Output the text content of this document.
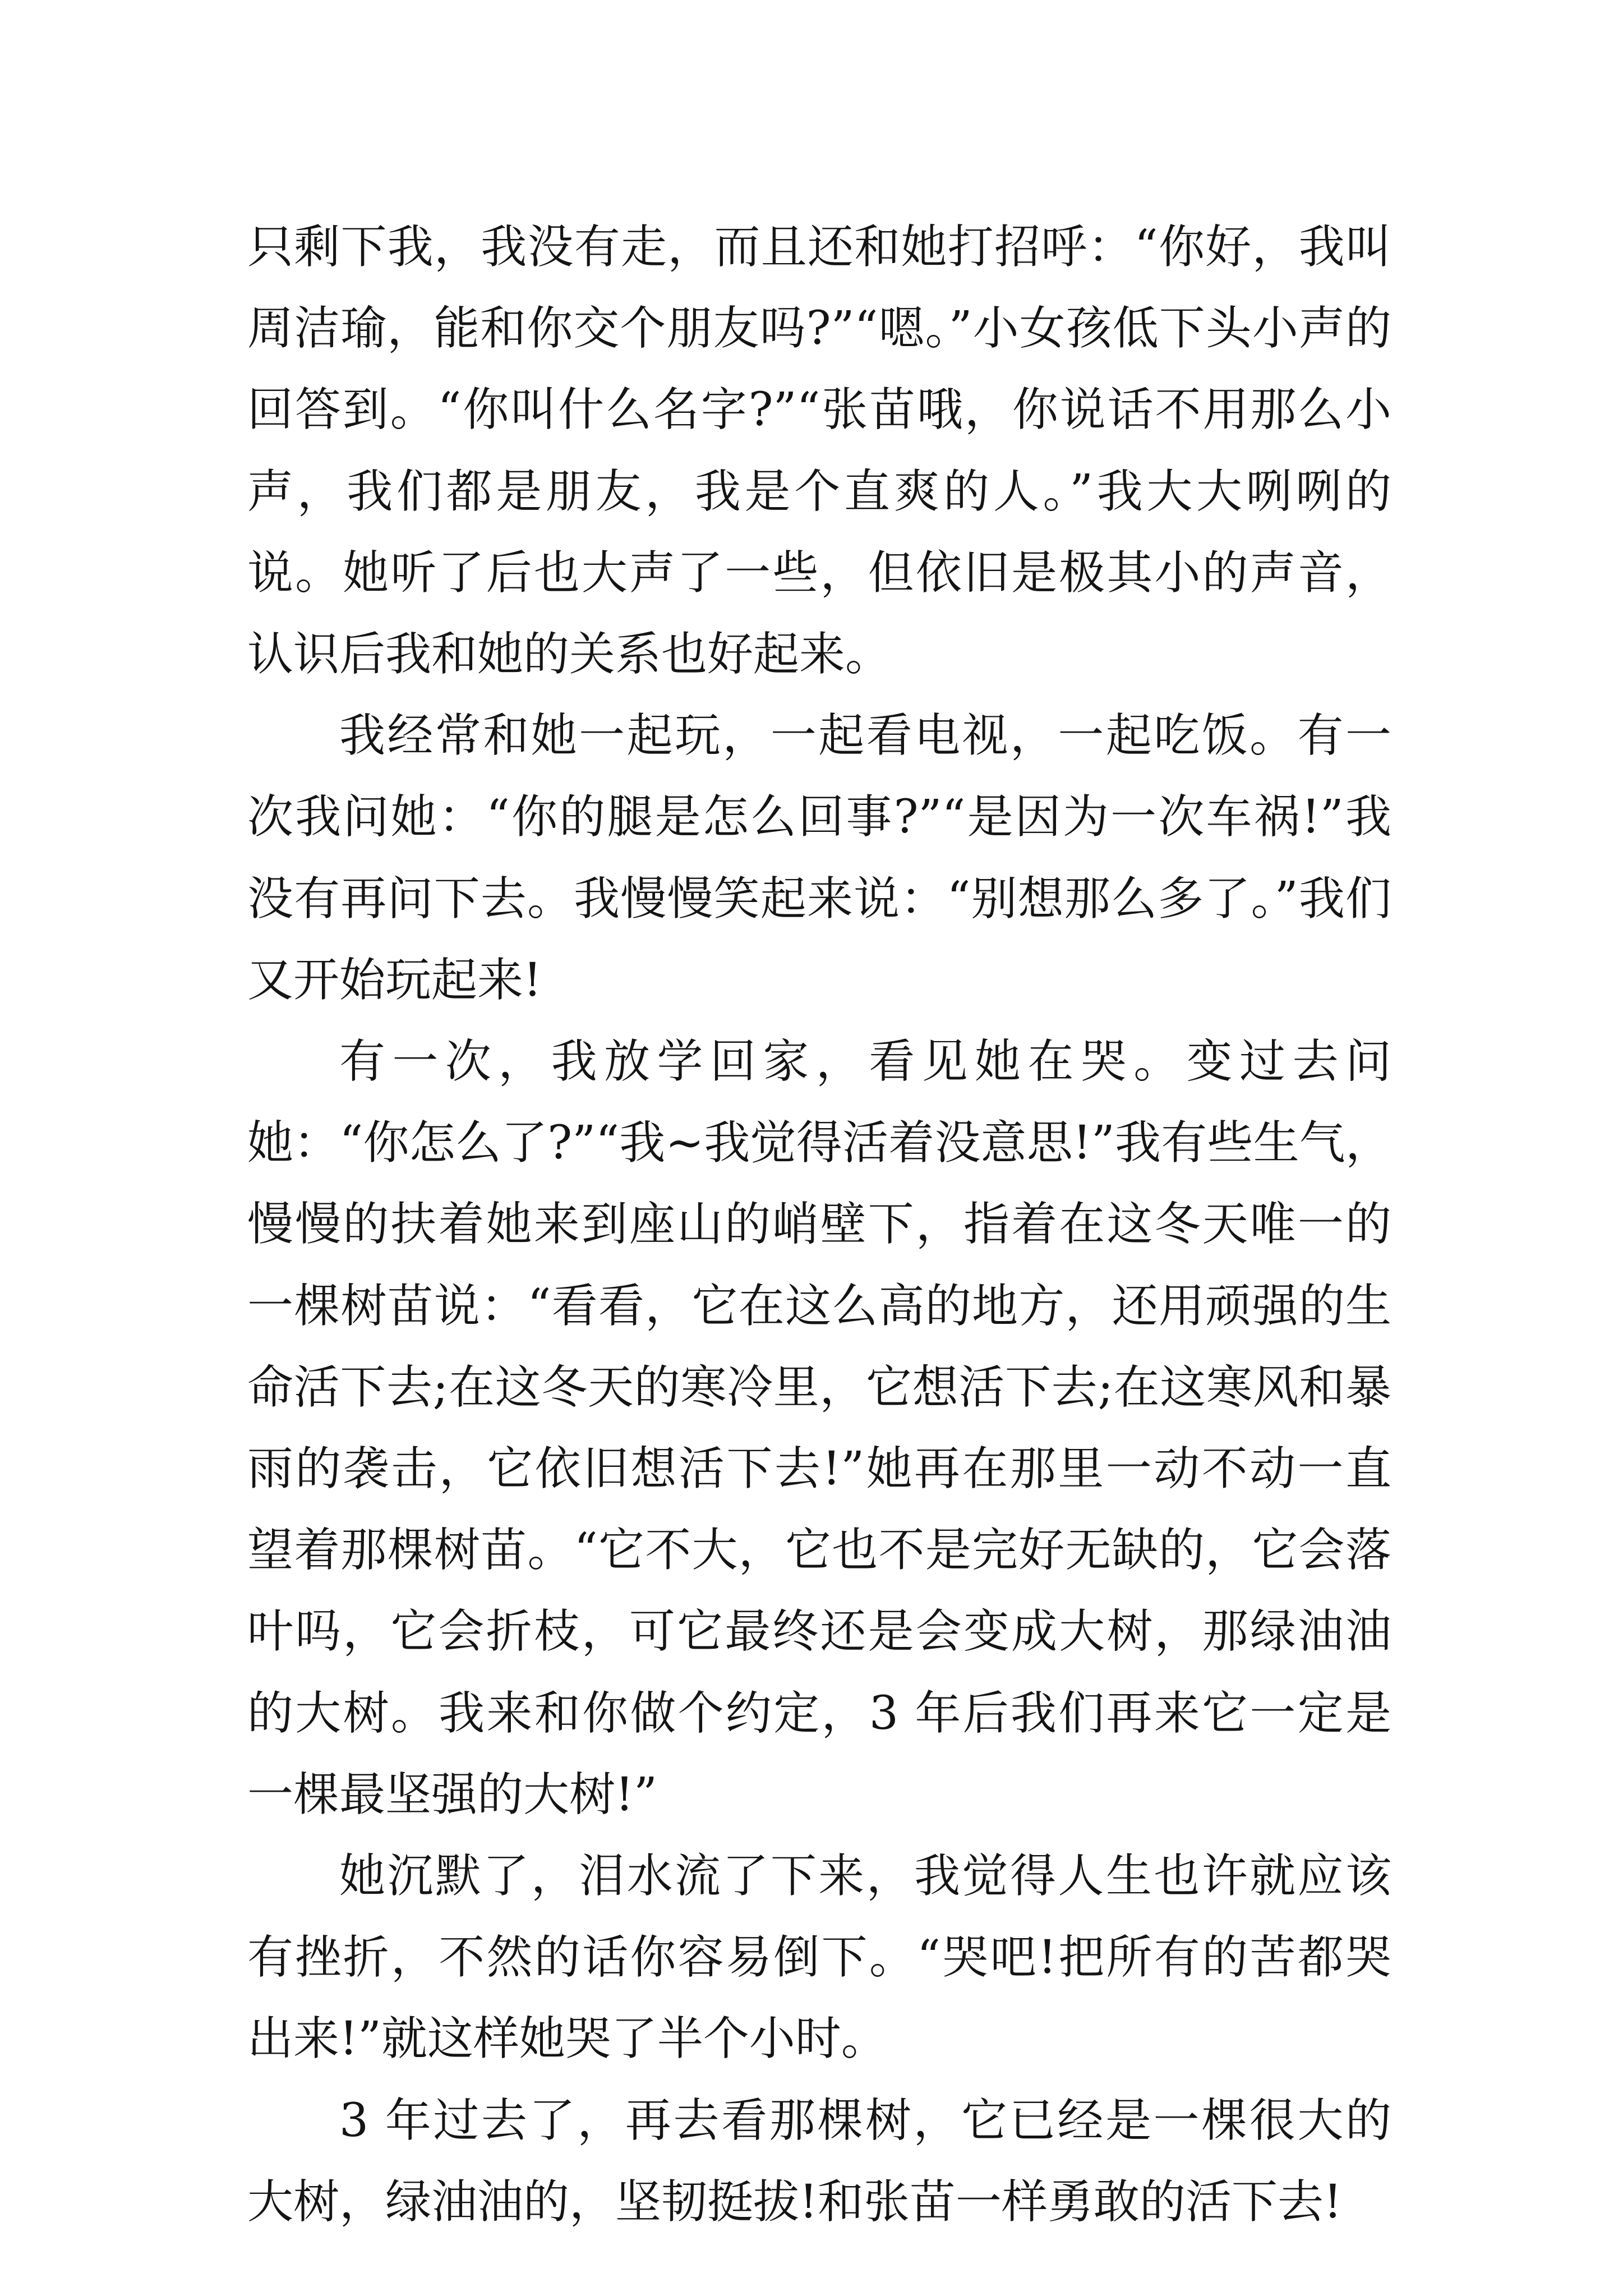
只剩下我，我没有走，而且还和她打招呼：“你好，我叫周洁瑜，能和你交个朋友吗?”“嗯。”小女孩低下头小声的回答到。“你叫什么名字?”“张苗哦，你说话不用那么小声，我们都是朋友，我是个直爽的人。”我大大咧咧的说。她听了后也大声了一些，但依旧是极其小的声音，认识后我和她的关系也好起来。

我经常和她一起玩，一起看电视，一起吃饭。有一次我问她：“你的腿是怎么回事?”“是因为一次车祸!”我没有再问下去。我慢慢笑起来说：“别想那么多了。”我们又开始玩起来!

有一次，我放学回家，看见她在哭。变过去问她：“你怎么了?”“我~我觉得活着没意思!”我有些生气，慢慢的扶着她来到座山的峭壁下，指着在这冬天唯一的一棵树苗说：“看看，它在这么高的地方，还用顽强的生命活下去;在这冬天的寒冷里，它想活下去;在这寒风和暴雨的袭击，它依旧想活下去!”她再在那里一动不动一直望着那棵树苗。“它不大，它也不是完好无缺的，它会落叶吗，它会折枝，可它最终还是会变成大树，那绿油油的大树。我来和你做个约定，3 年后我们再来它一定是一棵最坚强的大树!”

她沉默了，泪水流了下来，我觉得人生也许就应该有挫折，不然的话你容易倒下。“哭吧!把所有的苦都哭出来!”就这样她哭了半个小时。

3 年过去了，再去看那棵树，它已经是一棵很大的大树，绿油油的，坚韧挺拔!和张苗一样勇敢的活下去!
